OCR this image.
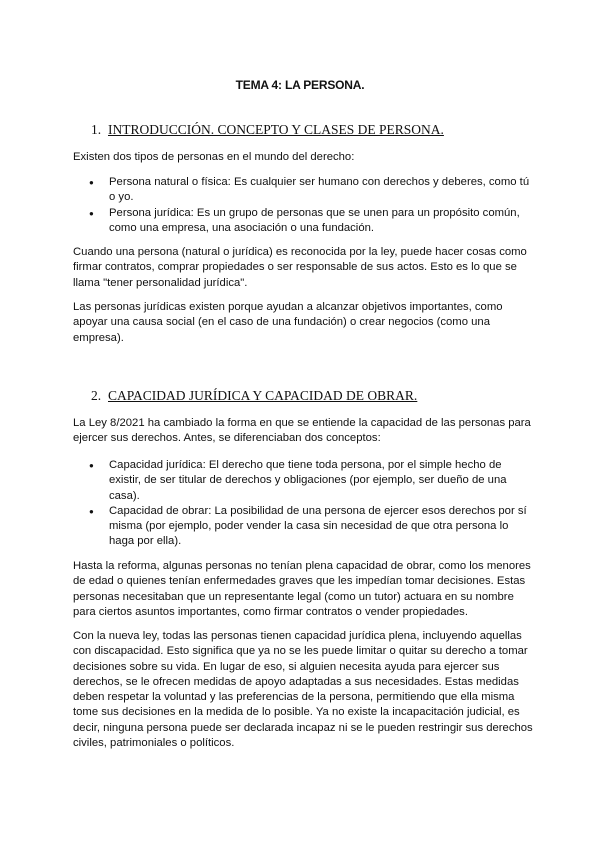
TEMA 4: LA PERSONA.
1. INTRODUCCIÓN. CONCEPTO Y CLASES DE PERSONA.

Existen dos tipos de personas en el mundo del derecho:

● Persona natural o física: Es cualquier ser humano con derechos y deberes, como tú o yo.
● Persona jurídica: Es un grupo de personas que se unen para un propósito común, como una empresa, una asociación o una fundación.

Cuando una persona (natural o jurídica) es reconocida por la ley, puede hacer cosas como firmar contratos, comprar propiedades o ser responsable de sus actos. Esto es lo que se llama "tener personalidad jurídica".

Las personas jurídicas existen porque ayudan a alcanzar objetivos importantes, como apoyar una causa social (en el caso de una fundación) o crear negocios (como una empresa).

2. CAPACIDAD JURÍDICA Y CAPACIDAD DE OBRAR.

La Ley 8/2021 ha cambiado la forma en que se entiende la capacidad de las personas para ejercer sus derechos. Antes, se diferenciaban dos conceptos:

● Capacidad jurídica: El derecho que tiene toda persona, por el simple hecho de existir, de ser titular de derechos y obligaciones (por ejemplo, ser dueño de una casa).
● Capacidad de obrar: La posibilidad de una persona de ejercer esos derechos por sí misma (por ejemplo, poder vender la casa sin necesidad de que otra persona lo haga por ella).

Hasta la reforma, algunas personas no tenían plena capacidad de obrar, como los menores de edad o quienes tenían enfermedades graves que les impedían tomar decisiones. Estas personas necesitaban que un representante legal (como un tutor) actuara en su nombre para ciertos asuntos importantes, como firmar contratos o vender propiedades.

Con la nueva ley, todas las personas tienen capacidad jurídica plena, incluyendo aquellas con discapacidad. Esto significa que ya no se les puede limitar o quitar su derecho a tomar decisiones sobre su vida. En lugar de eso, si alguien necesita ayuda para ejercer sus derechos, se le ofrecen medidas de apoyo adaptadas a sus necesidades. Estas medidas deben respetar la voluntad y las preferencias de la persona, permitiendo que ella misma tome sus decisiones en la medida de lo posible. Ya no existe la incapacitación judicial, es decir, ninguna persona puede ser declarada incapaz ni se le pueden restringir sus derechos civiles, patrimoniales o políticos.
